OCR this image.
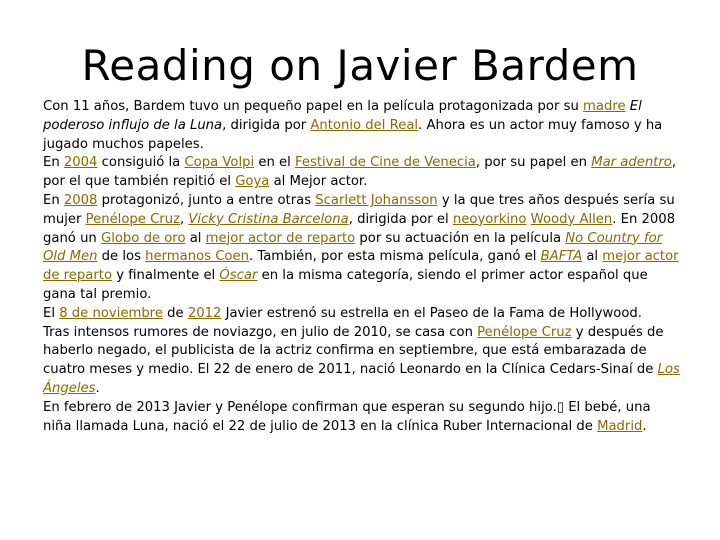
Reading on Javier Bardem

Con 11 años, Bardem tuvo un pequeño papel en la película protagonizada por su madre El poderoso influjo de la Luna, dirigida por Antonio del Real. Ahora es un actor muy famoso y ha jugado muchos papeles.

En 2004 consiguió la Copa Volpi en el Festival de Cine de Venecia, por su papel en Mar adentro, por el que también repitió el Goya al Mejor actor.

En 2008 protagonizó, junto a entre otras Scarlett Johansson y la que tres años después sería su mujer Penélope Cruz, Vicky Cristina Barcelona, dirigida por el neoyorkino Woody Allen. En 2008 ganó un Globo de oro al mejor actor de reparto por su actuación en la película No Country for Old Men de los hermanos Coen. También, por esta misma película, ganó el BAFTA al mejor actor de reparto y finalmente el Óscar en la misma categoría, siendo el primer actor español que gana tal premio.

El 8 de noviembre de 2012 Javier estrenó su estrella en el Paseo de la Fama de Hollywood.

Tras intensos rumores de noviazgo, en julio de 2010, se casa con Penélope Cruz y después de haberlo negado, el publicista de la actriz confirma en septiembre, que está embarazada de cuatro meses y medio. El 22 de enero de 2011, nació Leonardo en la Clínica Cedars-Sinaí de Los Ángeles.

En febrero de 2013 Javier y Penélope confirman que esperan su segundo hijo.▯ El bebé, una niña llamada Luna, nació el 22 de julio de 2013 en la clínica Ruber Internacional de Madrid.
